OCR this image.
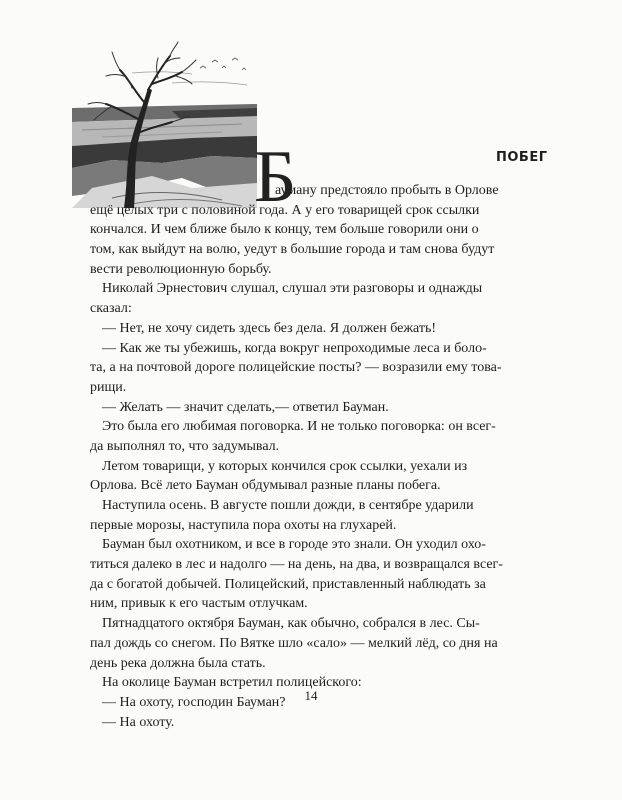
ПОБЕГ
Б
ауману предстояло пробыть в Орлове
ещё целых три с половиной года. А у его товарищей срок ссылки
кончался. И чем ближе было к концу, тем больше говорили они о
том, как выйдут на волю, уедут в большие города и там снова будут
вести революционную борьбу.
Николай Эрнестович слушал, слушал эти разговоры и однажды
сказал:
— Нет, не хочу сидеть здесь без дела. Я должен бежать!
— Как же ты убежишь, когда вокруг непроходимые леса и боло-
та, а на почтовой дороге полицейские посты? — возразили ему това-
рищи.
— Желать — значит сделать,— ответил Бауман.
Это была его любимая поговорка. И не только поговорка: он всег-
да выполнял то, что задумывал.
Летом товарищи, у которых кончился срок ссылки, уехали из
Орлова. Всё лето Бауман обдумывал разные планы побега.
Наступила осень. В августе пошли дожди, в сентябре ударили
первые морозы, наступила пора охоты на глухарей.
Бауман был охотником, и все в городе это знали. Он уходил охо-
титься далеко в лес и надолго — на день, на два, и возвращался всег-
да с богатой добычей. Полицейский, приставленный наблюдать за
ним, привык к его частым отлучкам.
Пятнадцатого октября Бауман, как обычно, собрался в лес. Сы-
пал дождь со снегом. По Вятке шло «сало» — мелкий лёд, со дня на
день река должна была стать.
На околице Бауман встретил полицейского:
— На охоту, господин Бауман?
— На охоту.
14
